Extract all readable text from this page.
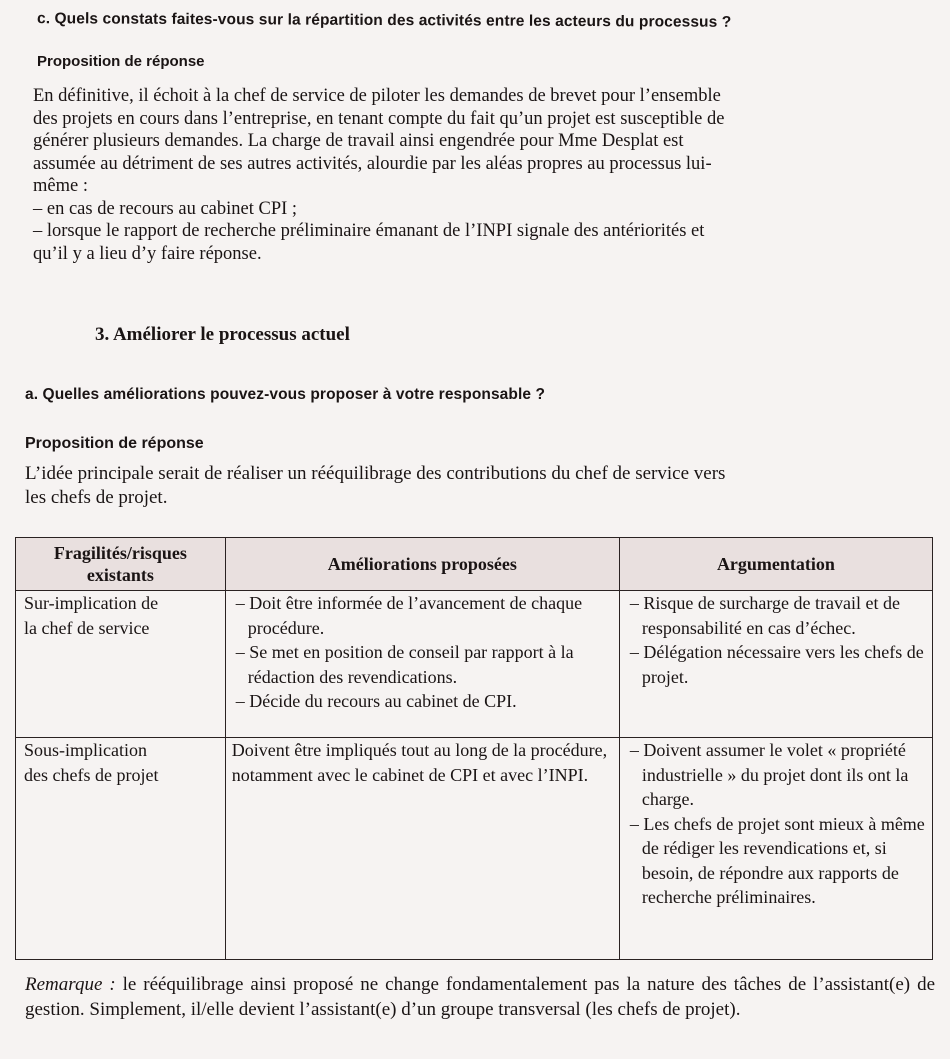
c. Quels constats faites-vous sur la répartition des activités entre les acteurs du processus ?
Proposition de réponse
En définitive, il échoit à la chef de service de piloter les demandes de brevet pour l’ensemble
des projets en cours dans l’entreprise, en tenant compte du fait qu’un projet est susceptible de
générer plusieurs demandes. La charge de travail ainsi engendrée pour Mme Desplat est
assumée au détriment de ses autres activités, alourdie par les aléas propres au processus lui-
même :
– en cas de recours au cabinet CPI ;
– lorsque le rapport de recherche préliminaire émanant de l’INPI signale des antériorités et
qu’il y a lieu d’y faire réponse.
3. Améliorer le processus actuel
a. Quelles améliorations pouvez-vous proposer à votre responsable ?
Proposition de réponse
L’idée principale serait de réaliser un rééquilibrage des contributions du chef de service vers
les chefs de projet.
Fragilités/risques existants	Améliorations proposées	Argumentation

Sur-implication de
la chef de service	– Doit être informée de l’avancement de chaque procédure.
– Se met en position de conseil par rapport à la rédaction des revendications.
– Décide du recours au cabinet de CPI.	– Risque de surcharge de travail et de responsabilité en cas d’échec.
– Délégation nécessaire vers les chefs de projet.

Sous-implication
des chefs de projet	Doivent être impliqués tout au long de la procédure, notamment avec le cabinet de CPI et avec l’INPI.	– Doivent assumer le volet « propriété industrielle » du projet dont ils ont la charge.
– Les chefs de projet sont mieux à même de rédiger les revendications et, si besoin, de répondre aux rapports de recherche préliminaires.
Remarque : le rééquilibrage ainsi proposé ne change fondamentalement pas la nature des tâches de l’assistant(e) de gestion. Simplement, il/elle devient l’assistant(e) d’un groupe transversal (les chefs de projet).
